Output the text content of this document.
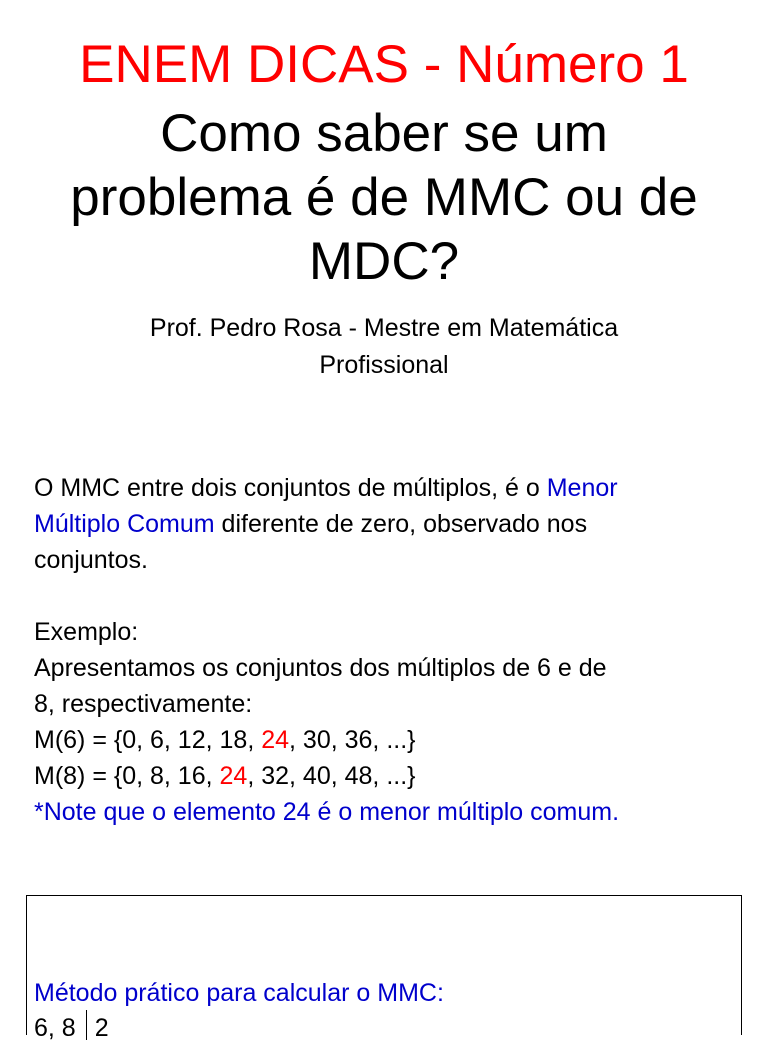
ENEM DICAS - Número 1
Como saber se um
problema é de MMC ou de
MDC?
Prof. Pedro Rosa - Mestre em Matemática
Profissional
O MMC entre dois conjuntos de múltiplos, é o Menor
Múltiplo Comum diferente de zero, observado nos
conjuntos.
Exemplo:
Apresentamos os conjuntos dos múltiplos de 6 e de
8, respectivamente:
M(6) = {0, 6, 12, 18, 24, 30, 36, ...}
M(8) = {0, 8, 16, 24, 32, 40, 48, ...}
*Note que o elemento 24 é o menor múltiplo comum.
Método prático para calcular o MMC:
6, 8 2
